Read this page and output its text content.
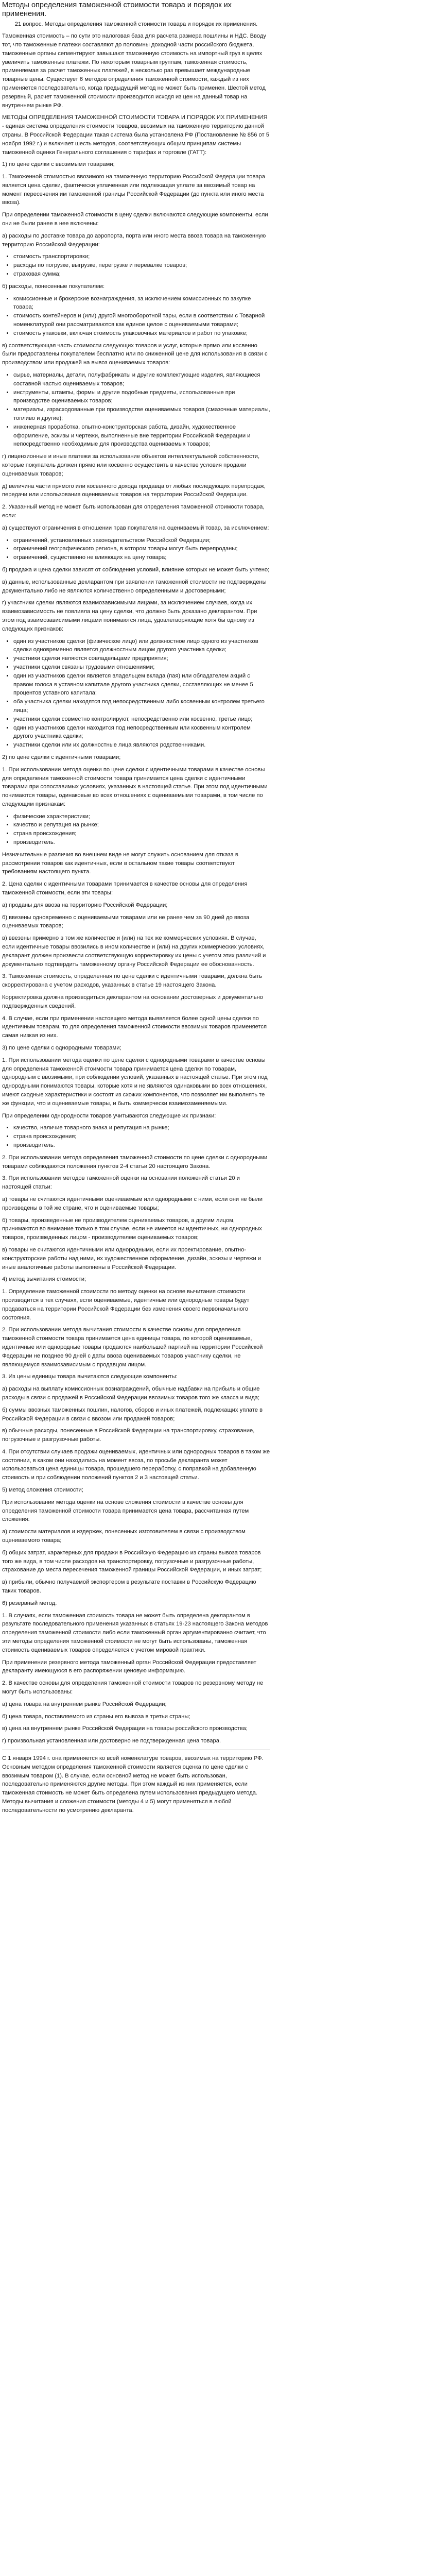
Методы определения таможенной стоимости товара и порядок их применения.

21 вопрос. Методы определения таможенной стоимости товара и порядок их применения.

Таможенная стоимость – по сути это налоговая база для расчета размера пошлины и НДС. Вводу тот, что таможенные платежи составляют до половины доходной части российского бюджета, таможенные органы сегментируют завышают таможенную стоимость на импортный груз в целях увеличить таможенные платежи. По некоторым товарным группам, таможенная стоимость, применяемая за расчет таможенных платежей, в несколько раз превышает международные товарные цены. Существует 6 методов определения таможенной стоимости, каждый из них применяется последовательно, когда предыдущий метод не может быть применен. Шестой метод резервный, расчет таможенной стоимости производится исходя из цен на данный товар на внутреннем рынке РФ.

МЕТОДЫ ОПРЕДЕЛЕНИЯ ТАМОЖЕННОЙ СТОИМОСТИ ТОВАРА И ПОРЯДОК ИХ ПРИМЕНЕНИЯ - единая система определения стоимости товаров, ввозимых на таможенную территорию данной страны. В Российской Федерации такая система была установлена РФ (Постановление № 856 от 5 ноября 1992 г.) и включает шесть методов, соответствующих общим принципам системы таможенной оценки Генерального соглашения о тарифах и торговле (ГАТТ):

1) по цене сделки с ввозимыми товарами;

1. Таможенной стоимостью ввозимого на таможенную территорию Российской Федерации товара является цена сделки, фактически уплаченная или подлежащая уплате за ввозимый товар на момент пересечения им таможенной границы Российской Федерации (до пункта или иного места ввоза).

При определении таможенной стоимости в цену сделки включаются следующие компоненты, если они не были ранее в нее включены:

а) расходы по доставке товара до аэропорта, порта или иного места ввоза товара на таможенную территорию Российской Федерации:

• стоимость транспортировки;
• расходы по погрузке, выгрузке, перегрузке и перевалке товаров;
• страховая сумма;

б) расходы, понесенные покупателем:

• комиссионные и брокерские вознаграждения, за исключением комиссионных по закупке товара;
• стоимость контейнеров и (или) другой многооборотной тары, если в соответствии с Товарной номенклатурой они рассматриваются как единое целое с оцениваемыми товарами;
• стоимость упаковки, включая стоимость упаковочных материалов и работ по упаковке;

в) соответствующая часть стоимости следующих товаров и услуг, которые прямо или косвенно были предоставлены покупателем бесплатно или по сниженной цене для использования в связи с производством или продажей на вывоз оцениваемых товаров:

• сырье, материалы, детали, полуфабрикаты и другие комплектующие изделия, являющиеся составной частью оцениваемых товаров;
• инструменты, штампы, формы и другие подобные предметы, использованные при производстве оцениваемых товаров;
• материалы, израсходованные при производстве оцениваемых товаров (смазочные материалы, топливо и другие);
• инженерная проработка, опытно-конструкторская работа, дизайн, художественное оформление, эскизы и чертежи, выполненные вне территории Российской Федерации и непосредственно необходимые для производства оцениваемых товаров;

г) лицензионные и иные платежи за использование объектов интеллектуальной собственности, которые покупатель должен прямо или косвенно осуществить в качестве условия продажи оцениваемых товаров;

д) величина части прямого или косвенного дохода продавца от любых последующих перепродаж, передачи или использования оцениваемых товаров на территории Российской Федерации.

2. Указанный метод не может быть использован для определения таможенной стоимости товара, если:

а) существуют ограничения в отношении прав покупателя на оцениваемый товар, за исключением:

• ограничений, установленных законодательством Российской Федерации;
• ограничений географического региона, в котором товары могут быть перепроданы;
• ограничений, существенно не влияющих на цену товара;

б) продажа и цена сделки зависят от соблюдения условий, влияние которых не может быть учтено;

в) данные, использованные декларантом при заявлении таможенной стоимости не подтверждены документально либо не являются количественно определенными и достоверными;

г) участники сделки являются взаимозависимыми лицами, за исключением случаев, когда их взаимозависимость не повлияла на цену сделки, что должно быть доказано декларантом. При этом под взаимозависимыми лицами понимаются лица, удовлетворяющие хотя бы одному из следующих признаков:

▪ один из участников сделки (физическое лицо) или должностное лицо одного из участников сделки одновременно является должностным лицом другого участника сделки;
▪ участники сделки являются совладельцами предприятия;
▪ участники сделки связаны трудовыми отношениями;
▪ один из участников сделки является владельцем вклада (пая) или обладателем акций с правом голоса в уставном капитале другого участника сделки, составляющих не менее 5 процентов уставного капитала;
▪ оба участника сделки находятся под непосредственным либо косвенным контролем третьего лица;
▪ участники сделки совместно контролируют, непосредственно или косвенно, третье лицо;
▪ один из участников сделки находится под непосредственным или косвенным контролем другого участника сделки;
▪ участники сделки или их должностные лица являются родственниками.

2) по цене сделки с идентичными товарами;

1. При использовании метода оценки по цене сделки с идентичными товарами в качестве основы для определения таможенной стоимости товара принимается цена сделки с идентичными товарами при сопоставимых условиях, указанных в настоящей статье. При этом под идентичными понимаются товары, одинаковые во всех отношениях с оцениваемыми товарами, в том числе по следующим признакам:

• физические характеристики;
• качество и репутация на рынке;
• страна происхождения;
• производитель.

Незначительные различия во внешнем виде не могут служить основанием для отказа в рассмотрении товаров как идентичных, если в остальном такие товары соответствуют требованиям настоящего пункта.

2. Цена сделки с идентичными товарами принимается в качестве основы для определения таможенной стоимости, если эти товары:

а) проданы для ввоза на территорию Российской Федерации;

б) ввезены одновременно с оцениваемыми товарами или не ранее чем за 90 дней до ввоза оцениваемых товаров;

в) ввезены примерно в том же количестве и (или) на тех же коммерческих условиях. В случае, если идентичные товары ввозились в ином количестве и (или) на других коммерческих условиях, декларант должен произвести соответствующую корректировку их цены с учетом этих различий и документально подтвердить таможенному органу Российской Федерации ее обоснованность.

3. Таможенная стоимость, определенная по цене сделки с идентичными товарами, должна быть скорректирована с учетом расходов, указанных в статье 19 настоящего Закона.

Корректировка должна производиться декларантом на основании достоверных и документально подтвержденных сведений.

4. В случае, если при применении настоящего метода выявляется более одной цены сделки по идентичным товарам, то для определения таможенной стоимости ввозимых товаров применяется самая низкая из них.

3) по цене сделки с однородными товарами;

1. При использовании метода оценки по цене сделки с однородными товарами в качестве основы для определения таможенной стоимости товара принимается цена сделки по товарам, однородным с ввозимыми, при соблюдении условий, указанных в настоящей статье. При этом под однородными понимаются товары, которые хотя и не являются одинаковыми во всех отношениях, имеют сходные характеристики и состоят из схожих компонентов, что позволяет им выполнять те же функции, что и оцениваемые товары, и быть коммерчески взаимозаменяемыми.

При определении однородности товаров учитываются следующие их признаки:

• качество, наличие товарного знака и репутация на рынке;
• страна происхождения;
• производитель.

2. При использовании метода определения таможенной стоимости по цене сделки с однородными товарами соблюдаются положения пунктов 2-4 статьи 20 настоящего Закона.

3. При использовании методов таможенной оценки на основании положений статьи 20 и настоящей статьи:

а) товары не считаются идентичными оцениваемым или однородными с ними, если они не были произведены в той же стране, что и оцениваемые товары;

б) товары, произведенные не производителем оцениваемых товаров, а другим лицом, принимаются во внимание только в том случае, если не имеется ни идентичных, ни однородных товаров, произведенных лицом - производителем оцениваемых товаров;

в) товары не считаются идентичными или однородными, если их проектирование, опытно-конструкторские работы над ними, их художественное оформление, дизайн, эскизы и чертежи и иные аналогичные работы выполнены в Российской Федерации.

4) метод вычитания стоимости;

1. Определение таможенной стоимости по методу оценки на основе вычитания стоимости производится в тех случаях, если оцениваемые, идентичные или однородные товары будут продаваться на территории Российской Федерации без изменения своего первоначального состояния.

2. При использовании метода вычитания стоимости в качестве основы для определения таможенной стоимости товара принимается цена единицы товара, по которой оцениваемые, идентичные или однородные товары продаются наибольшей партией на территории Российской Федерации не позднее 90 дней с даты ввоза оцениваемых товаров участнику сделки, не являющемуся взаимозависимым с продавцом лицом.

3. Из цены единицы товара вычитаются следующие компоненты:

а) расходы на выплату комиссионных вознаграждений, обычные надбавки на прибыль и общие расходы в связи с продажей в Российской Федерации ввозимых товаров того же класса и вида;

б) суммы ввозных таможенных пошлин, налогов, сборов и иных платежей, подлежащих уплате в Российской Федерации в связи с ввозом или продажей товаров;

в) обычные расходы, понесенные в Российской Федерации на транспортировку, страхование, погрузочные и разгрузочные работы.

4. При отсутствии случаев продажи оцениваемых, идентичных или однородных товаров в таком же состоянии, в каком они находились на момент ввоза, по просьбе декларанта может использоваться цена единицы товара, прошедшего переработку, с поправкой на добавленную стоимость и при соблюдении положений пунктов 2 и 3 настоящей статьи.

5) метод сложения стоимости;

При использовании метода оценки на основе сложения стоимости в качестве основы для определения таможенной стоимости товара принимается цена товара, рассчитанная путем сложения:

а) стоимости материалов и издержек, понесенных изготовителем в связи с производством оцениваемого товара;

б) общих затрат, характерных для продажи в Российскую Федерацию из страны вывоза товаров того же вида, в том числе расходов на транспортировку, погрузочные и разгрузочные работы, страхование до места пересечения таможенной границы Российской Федерации, и иных затрат;

в) прибыли, обычно получаемой экспортером в результате поставки в Российскую Федерацию таких товаров.

6) резервный метод.

1. В случаях, если таможенная стоимость товара не может быть определена декларантом в результате последовательного применения указанных в статьях 19-23 настоящего Закона методов определения таможенной стоимости либо если таможенный орган аргументированно считает, что эти методы определения таможенной стоимости не могут быть использованы, таможенная стоимость оцениваемых товаров определяется с учетом мировой практики.

При применении резервного метода таможенный орган Российской Федерации предоставляет декларанту имеющуюся в его распоряжении ценовую информацию.

2. В качестве основы для определения таможенной стоимости товаров по резервному методу не могут быть использованы:

а) цена товара на внутреннем рынке Российской Федерации;

б) цена товара, поставляемого из страны его вывоза в третьи страны;

в) цена на внутреннем рынке Российской Федерации на товары российского производства;

г) произвольная установленная или достоверно не подтвержденная цена товара.

С 1 января 1994 г. она применяется ко всей номенклатуре товаров, ввозимых на территорию РФ. Основным методом определения таможенной стоимости является оценка по цене сделки с ввозимым товаром (1). В случае, если основной метод не может быть использован, последовательно применяются другие методы. При этом каждый из них применяется, если таможенная стоимость не может быть определена путем использования предыдущего метода. Методы вычитания и сложения стоимости (методы 4 и 5) могут применяться в любой последовательности по усмотрению декларанта.
